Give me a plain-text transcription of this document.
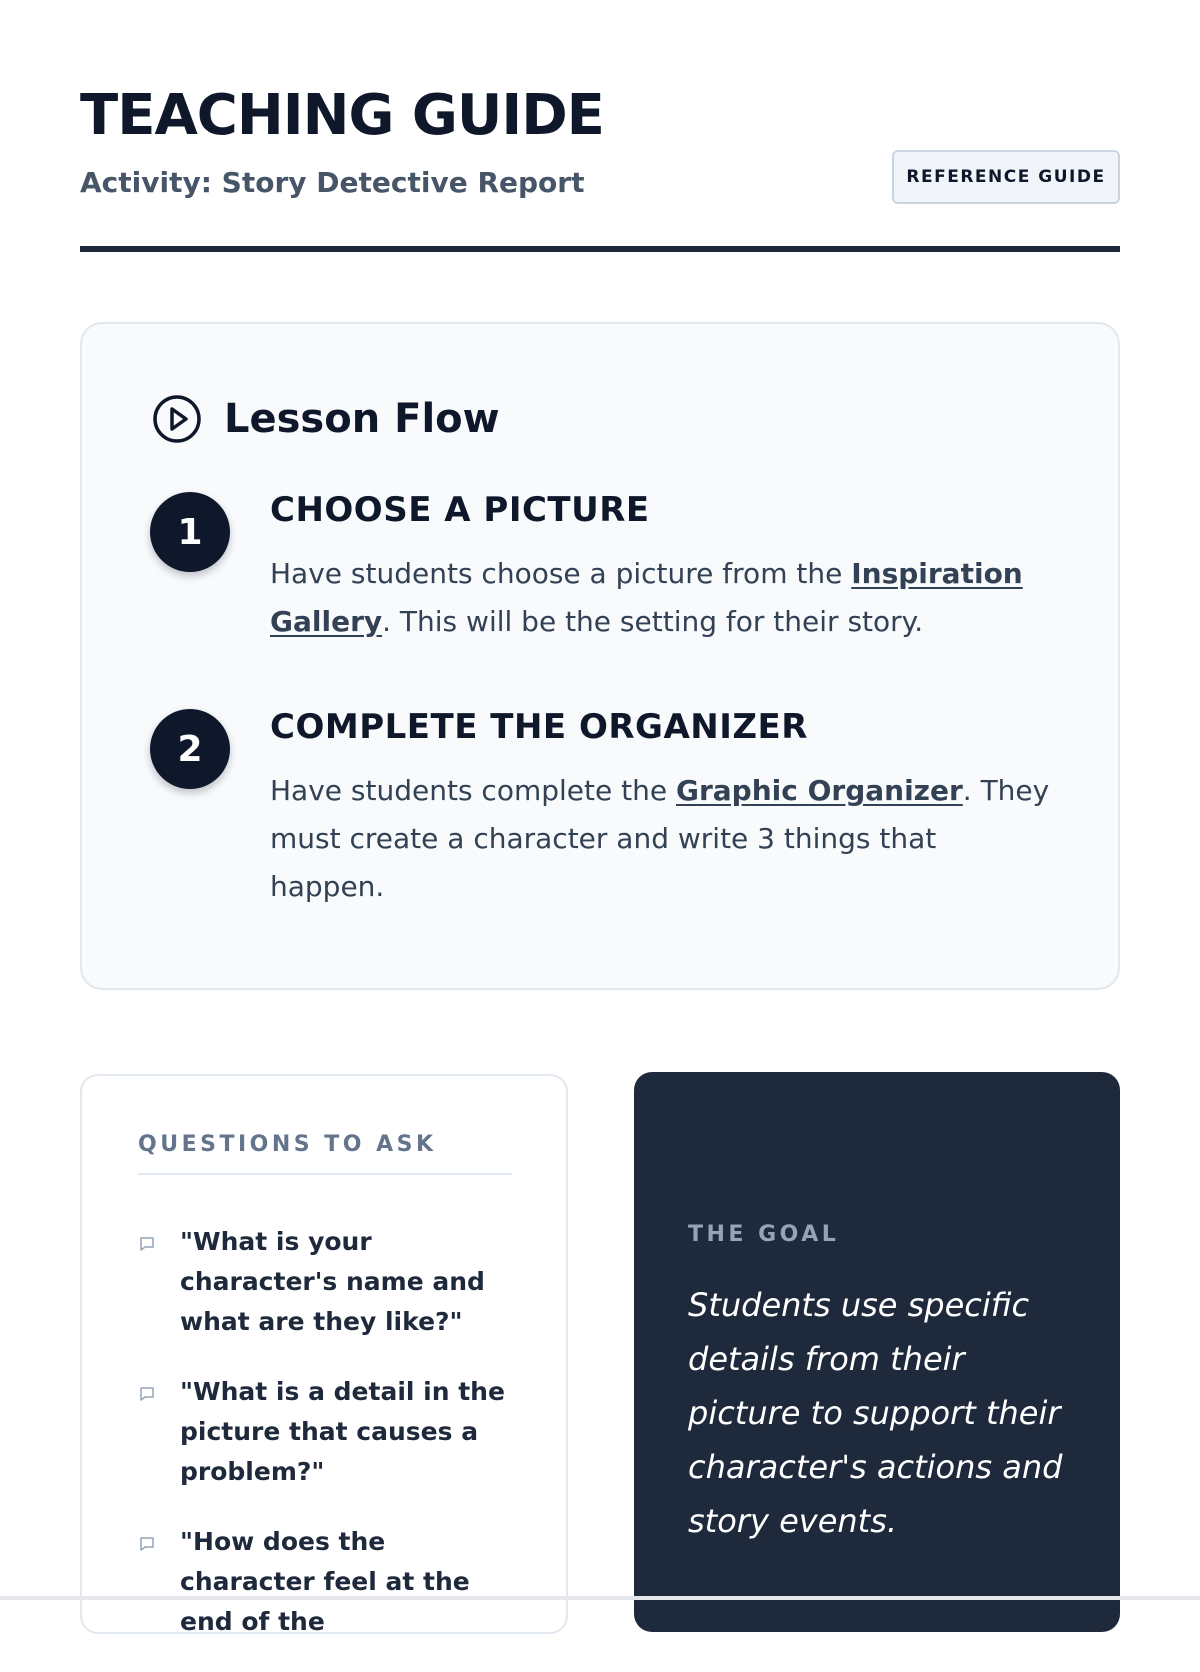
TEACHING GUIDE
Activity: Story Detective Report	REFERENCE GUIDE
Lesson Flow
1
CHOOSE A PICTURE

Have students choose a picture from the Inspiration Gallery. This will be the setting for their story.

2
COMPLETE THE ORGANIZER

Have students complete the Graphic Organizer. They must create a character and write 3 things that happen.

QUESTIONS TO ASK
"What is your character's name and what are they like?"
"What is a detail in the picture that causes a problem?"
"How does the character feel at the end of the
THE GOAL

Students use specific details from their picture to support their character's actions and story events.
